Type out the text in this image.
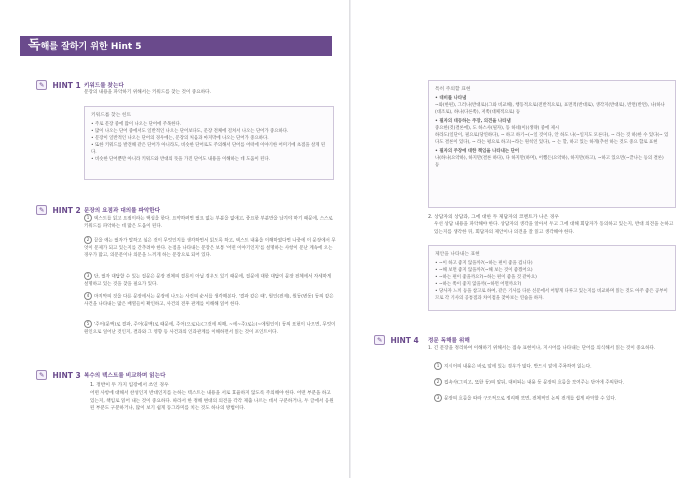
독해를 잘하기 위한 Hint 5
✎	HINT 1 키워드를 찾는다
문장의 내용을 파악하기 위해서는 키워드를 찾는 것이 중요하다.
키워드를 찾는 힌트
• 주로 문장 중에 많이 나오는 단어에 주목한다.
• 많이 나오는 단어 중에서도 일반적인 나오는 단어보다도, 문장 전체에 걸쳐서 나오는 단어가 중요하다.
• 문장이 일반적인 나오는 단어의 경우에는, 문장의 처음과 마지막에 나오는 단어가 중요하다.
• 또한 키워드를 발견해 같은 단어가 아니라도, 비슷한 단어로도 주의해서 단어를 어떠에 이야기한 어미기에 초점을 살게 된다.
• 비슷한 단어뿐만 아니라 키워드와 반대의 뜻을 가진 단어도 내용을 이해하는 데 도움이 된다.
✎	HINT 2 문장의 요점과 대의를 파악한다
1 텍스트를 읽고 요점이라는 핵심을 한다. 요약하려면 필요 없는 부분을 없애고, 중요한 부분만을 남겨야 하기 때문에, 스스로 키워드를 파악하는 데 많은 도움이 된다.
2 끝을 예는 필자가 말하고 싶은 것이 무엇인지를 생각하면서 읽도록 하고, 텍스트 내용을 이해하였다면 나중에 이 문장에서 무엇이 문제가 되고 있는지를 간추려야 한다. 논점을 나타내는 문장은 보통 '어떤 이야기인지'를 설명하는 사항이 문난 계속에 오는 경우가 많고, 의문문이나 의문을 느끼게 하는 문장으로 되어 있다.
3 단, 필자 대답할 수 있는 질문은 문장 전체의 결론이 아닐 경우도 있기 때문에, 질문에 대한 대답이 문장 전체에서 자세하게 설명하고 있는 것을 찾을 필요가 있다.
4 마지막의 것을 다른 문장에서는 문장에 나오는 사건의 순서를 생각해본다. '결과 같은 때', 원인(전제), 원동(변동) 등의 같은 사건을 나타내는 많은 배열들이 확인하고, 사건의 전후 관계를 이해해 읽어 한다.
5 '주어(문맥)로 결과, 주어(문맥)로 때문에, 주어(으로)는(그것에 의해, ~에~주)로는(~에원인이) 등의 표현이 나오면, 무엇이 원인으로 일어난 것인지, 결과와 그 영향 등 사건과의 인과관계를 이해하면서 읽는 것이 포인트이다.
✎	HINT 3 복수의 텍스트를 비교하며 읽는다
1. 정반이 두 가지 입장에서 쓰인 경우
어떤 사항에 대해서 찬성인지 반대인지를 논하는 텍스트는 내용을 서로 효율하지 않도록 주의해야 한다. 어떤 부분을 하고 있는지, 책임로 읽어 내는 것이 중요하다. 따라서 한 정해 변대의 의견을 각각 제출 나르는 데서 구분하거나, 두 글에서 응원된 부분도 구분하거나, 많이 보기 쉽게 동그라미를 치는 것도 하나의 방법이다.
특히 주의할 표현
• 대비를 나타냄
~와(한편), 그러나(반대로)(그와 비교해), 행동적으로(전반적으로), 표면적(반대로), 생각지(반대로), 반면(반면), 나(하나(대조로), 하나(다른쪽), 저쪽(대체적으로) 등
• 필자의 대등하는 주장, 의견을 나타냄
중요한(것(결론에), 도 하스사(필자), 동 하네(이)(생략) 중에 제시
하라도(일단이, 필요로(당연하다), ~ 하고 하기~(~일 것이다, 안 하도 나(~일지도 모른다), ~ 라는 것 하)한 수 있다(~ 있다도 결론이 있다), ~ 라는 평으로 하고(~라는 원칙인 있다), ~ 는 할, 하고 있는 하게(추천 하는 것도 중요 합로 표현
• 필자의 주장에 대한 책임을 나타내는 단어
나(하나(요약하), 하지만(결론 하다), 다 하지만(하며), 어쨌든(요약하), 하지만(하고), ~하고 있으면(~끝나는 등의 결론) 등
2. 상담자의 상담과, 그에 대한 두 제답자의 코멘트가 나온 경우
우선 상담 내용을 파악해야 한다. 상담자의 생각을 알아서 두고 그에 대해 회답자가 동의하고 있는지, 반대 의견을 논하고 있는지를 생각한 뒤, 회답자의 제안이나 의견을 잘 읽고 생각해야 한다.
제안을 나타내는 표현
• ~이 하고 좋지 않을까?(~하는 편이 좋을 겁니다)
• ~해 보면 좋지 않을까?(~해 보는 것이 좋겠어요)
• ~하는 편이 좋을까요?(~하는 편이 좋을 것 같아요)
• ~하는 쪽이 좋지 않을까(~하면 어떨까요?)
• 당사자 느끼 등을 참고로 하여, 같은 기사를 다룬 신문에서 어떻게 다루고 있는지를 비교하며 읽는 것도 아주 좋은 공부이므로 각 기사의 공통점과 차이점을 찾아보는 연습을 하자.
✎	HINT 4 정문 독해를 위해
1. 긴 문장을 정리하여 이해하기 위해서는 접속 표현이나, 지시어를 나타내는 단어를 의식해서 읽는 것이 중요하다.
1 지시어의 내용은 바로 앞에 있는 경우가 많다. 반드시 앞에 주목하여 읽는다.
2 접속사(그리고, 또한 등)의 앞뒤, 대비되는 내용 등 문장의 흐름을 보여주는 단어에 주의한다.
3 문장의 흐름을 따라 구조적으로 정리해 보면, 전체적인 논의 전개를 쉽게 파악할 수 있다.
